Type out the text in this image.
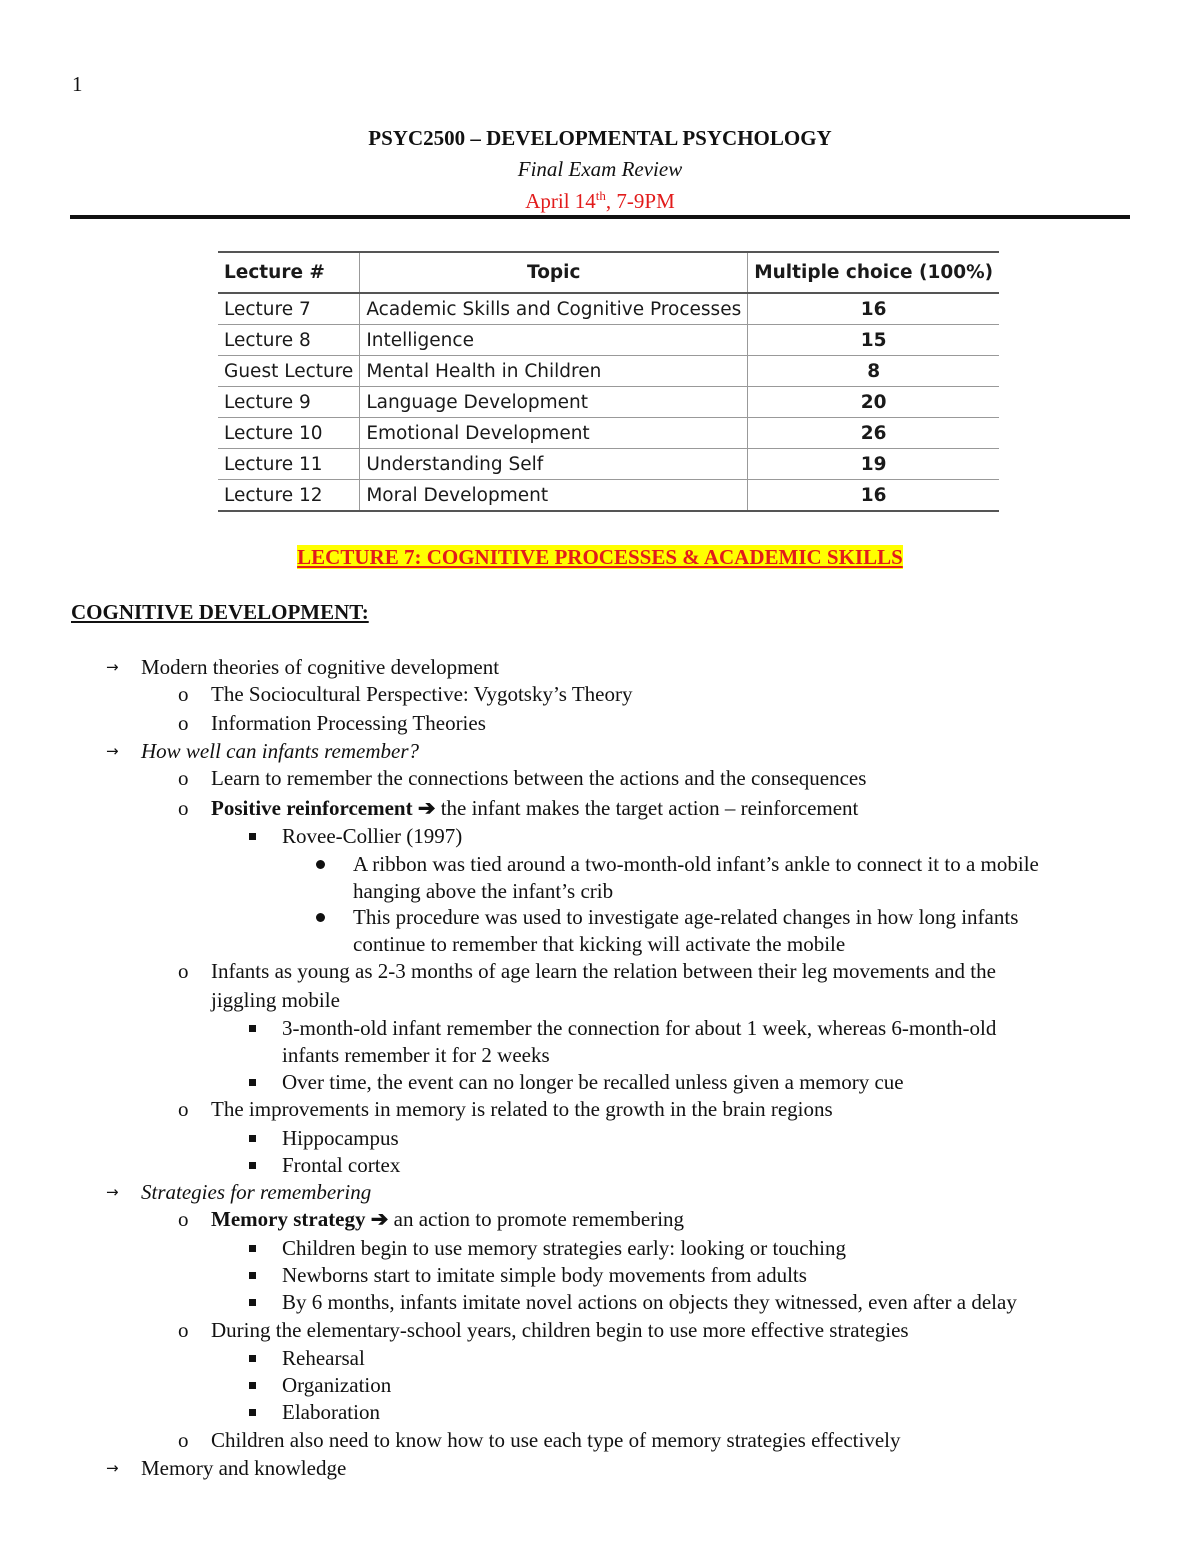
1
PSYC2500 – DEVELOPMENTAL PSYCHOLOGY
Final Exam Review
April 14th, 7-9PM
Lecture #	Topic	Multiple choice (100%)
Lecture 7	Academic Skills and Cognitive Processes	16
Lecture 8	Intelligence	15
Guest Lecture	Mental Health in Children	8
Lecture 9	Language Development	20
Lecture 10	Emotional Development	26
Lecture 11	Understanding Self	19
Lecture 12	Moral Development	16
LECTURE 7: COGNITIVE PROCESSES & ACADEMIC SKILLS
COGNITIVE DEVELOPMENT:
→ Modern theories of cognitive development
o The Sociocultural Perspective: Vygotsky’s Theory
o Information Processing Theories
→ How well can infants remember?
o Learn to remember the connections between the actions and the consequences
o Positive reinforcement ➔ the infant makes the target action – reinforcement
Rovee-Collier (1997)
A ribbon was tied around a two-month-old infant’s ankle to connect it to a mobile
hanging above the infant’s crib
This procedure was used to investigate age-related changes in how long infants
continue to remember that kicking will activate the mobile
o Infants as young as 2-3 months of age learn the relation between their leg movements and the
jiggling mobile
3-month-old infant remember the connection for about 1 week, whereas 6-month-old
infants remember it for 2 weeks
Over time, the event can no longer be recalled unless given a memory cue
o The improvements in memory is related to the growth in the brain regions
Hippocampus
Frontal cortex
→ Strategies for remembering
o Memory strategy ➔ an action to promote remembering
Children begin to use memory strategies early: looking or touching
Newborns start to imitate simple body movements from adults
By 6 months, infants imitate novel actions on objects they witnessed, even after a delay
o During the elementary-school years, children begin to use more effective strategies
Rehearsal
Organization
Elaboration
o Children also need to know how to use each type of memory strategies effectively
→ Memory and knowledge
